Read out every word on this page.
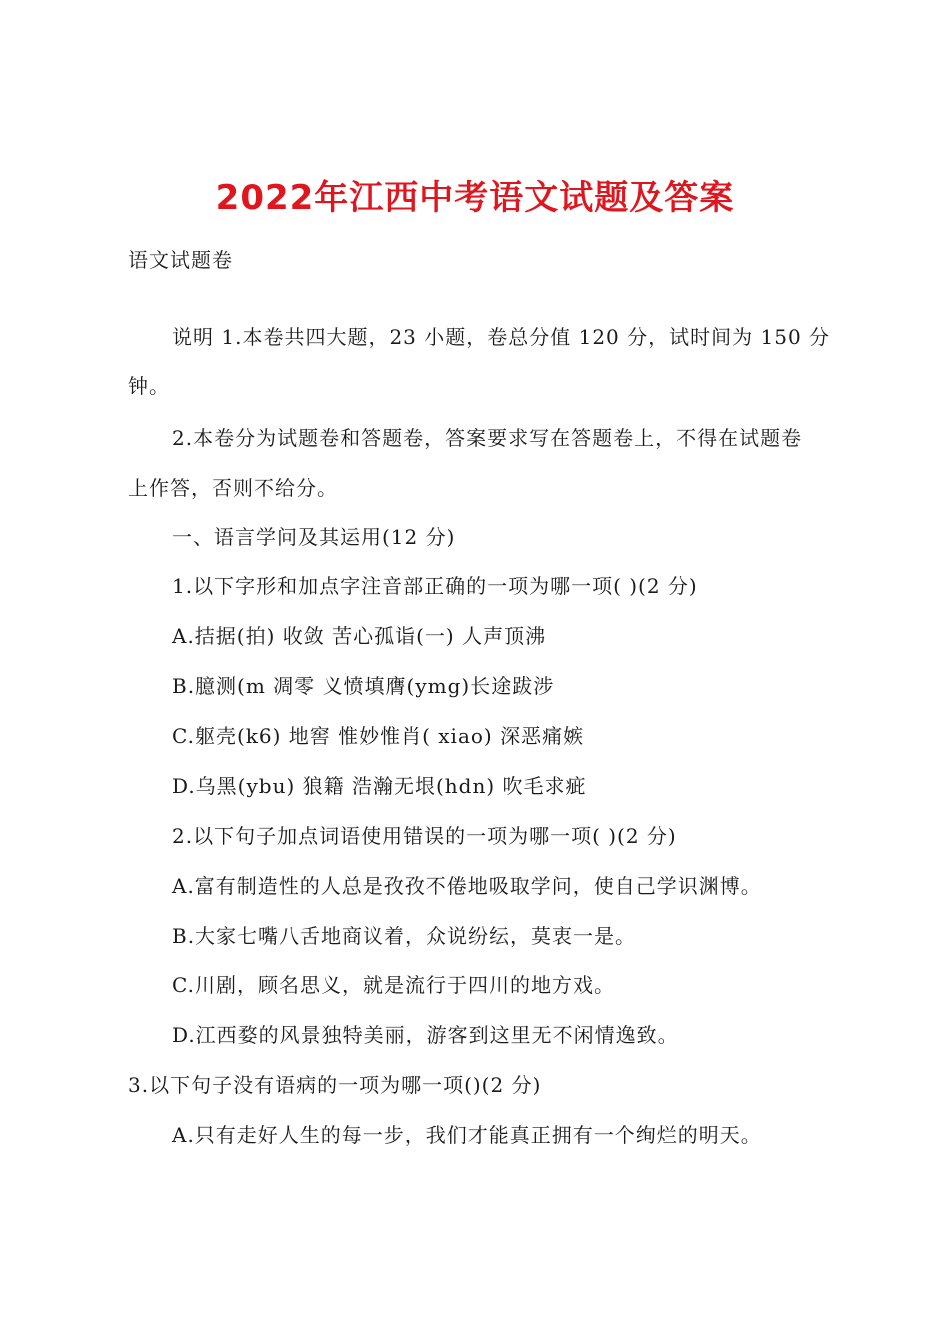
2022年江西中考语文试题及答案
语文试题卷
说明 1.本卷共四大题，23 小题，卷总分值 120 分，试时间为 150 分
钟。
2.本卷分为试题卷和答题卷，答案要求写在答题卷上，不得在试题卷
上作答，否则不给分。
一、语言学问及其运用(12 分)
1.以下字形和加点字注音部正确的一项为哪一项( )(2 分)
A.拮据(拍) 收敛 苦心孤诣(一) 人声顶沸
B.臆测(m 凋零 义愤填膺(ymg)长途跋涉
C.躯壳(k6) 地窖 惟妙惟肖( xiao) 深恶痛嫉
D.乌黑(ybu) 狼籍 浩瀚无垠(hdn) 吹毛求疵
2.以下句子加点词语使用错误的一项为哪一项( )(2 分)
A.富有制造性的人总是孜孜不倦地吸取学问，使自己学识渊博。
B.大家七嘴八舌地商议着，众说纷纭，莫衷一是。
C.川剧，顾名思义，就是流行于四川的地方戏。
D.江西婺的风景独特美丽，游客到这里无不闲情逸致。
3.以下句子没有语病的一项为哪一项()(2 分)
A.只有走好人生的每一步，我们才能真正拥有一个绚烂的明天。
